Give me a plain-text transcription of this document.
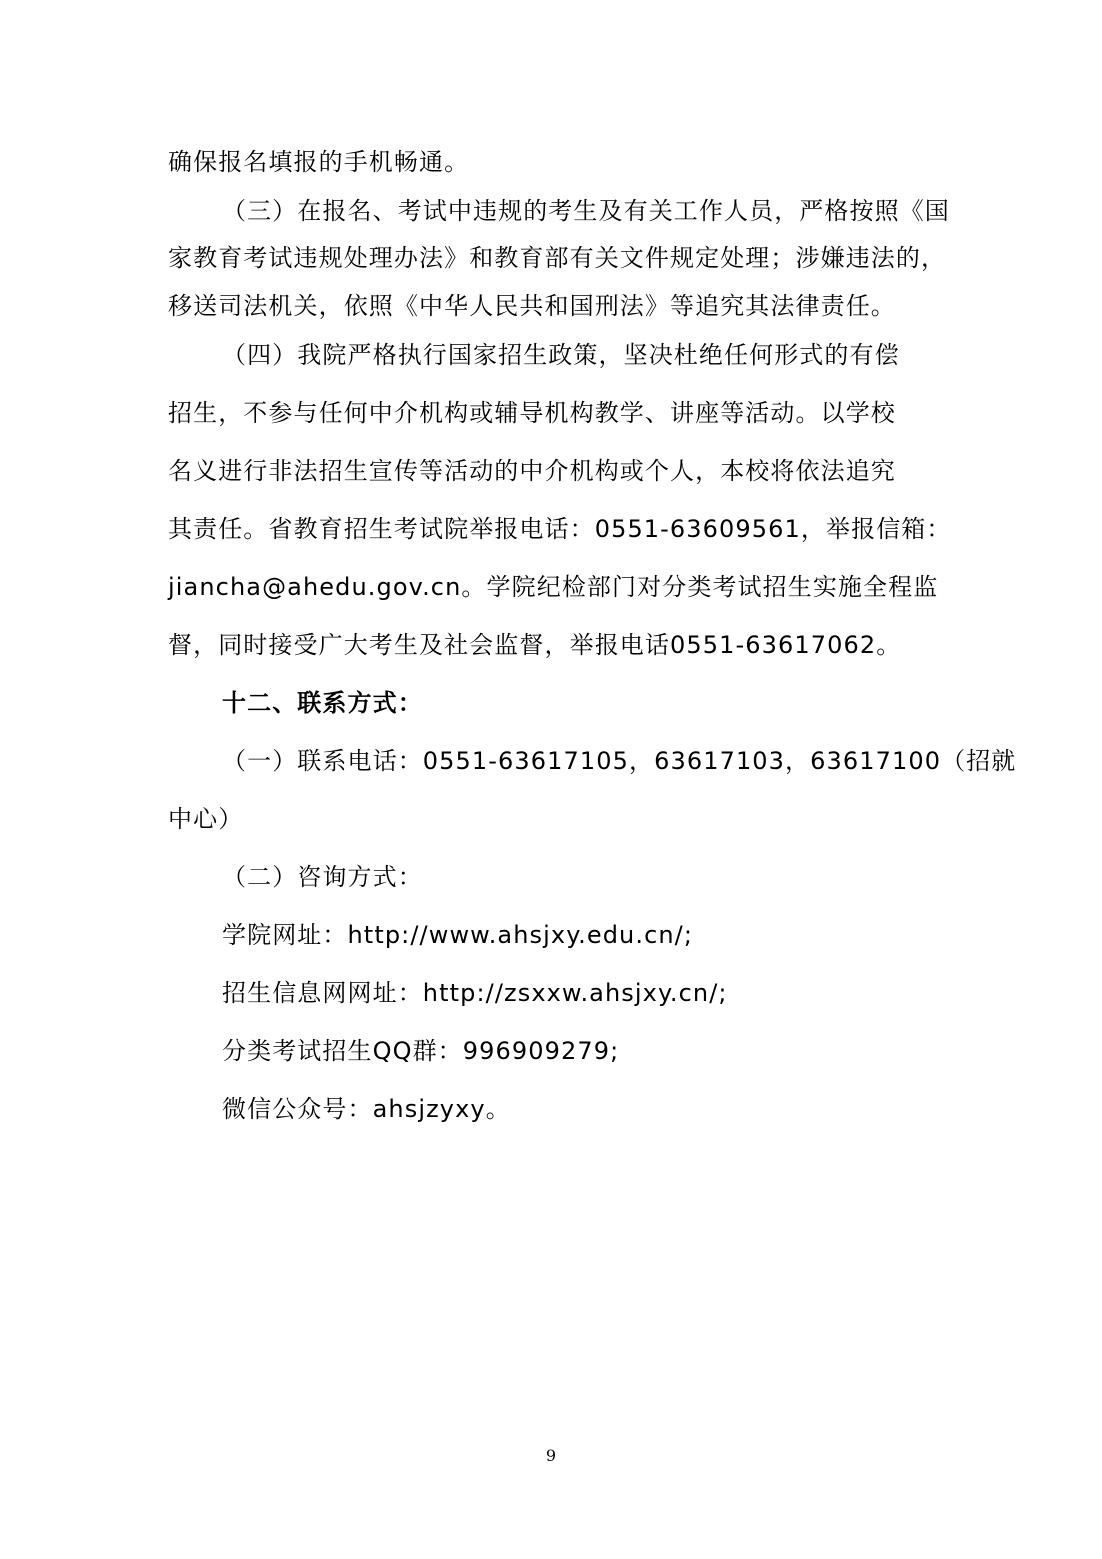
确保报名填报的手机畅通。
（三）在报名、考试中违规的考生及有关工作人员，严格按照《国
家教育考试违规处理办法》和教育部有关文件规定处理；涉嫌违法的，
移送司法机关，依照《中华人民共和国刑法》等追究其法律责任。
（四）我院严格执行国家招生政策，坚决杜绝任何形式的有偿
招生，不参与任何中介机构或辅导机构教学、讲座等活动。以学校
名义进行非法招生宣传等活动的中介机构或个人，本校将依法追究
其责任。省教育招生考试院举报电话：0551-63609561，举报信箱：
jiancha@ahedu.gov.cn。学院纪检部门对分类考试招生实施全程监
督，同时接受广大考生及社会监督，举报电话0551-63617062。
十二、联系方式：
（一）联系电话：0551-63617105，63617103，63617100（招就
中心）
（二）咨询方式：
学院网址：http://www.ahsjxy.edu.cn/;
招生信息网网址：http://zsxxw.ahsjxy.cn/;
分类考试招生QQ群：996909279;
微信公众号：ahsjzyxy。
9
